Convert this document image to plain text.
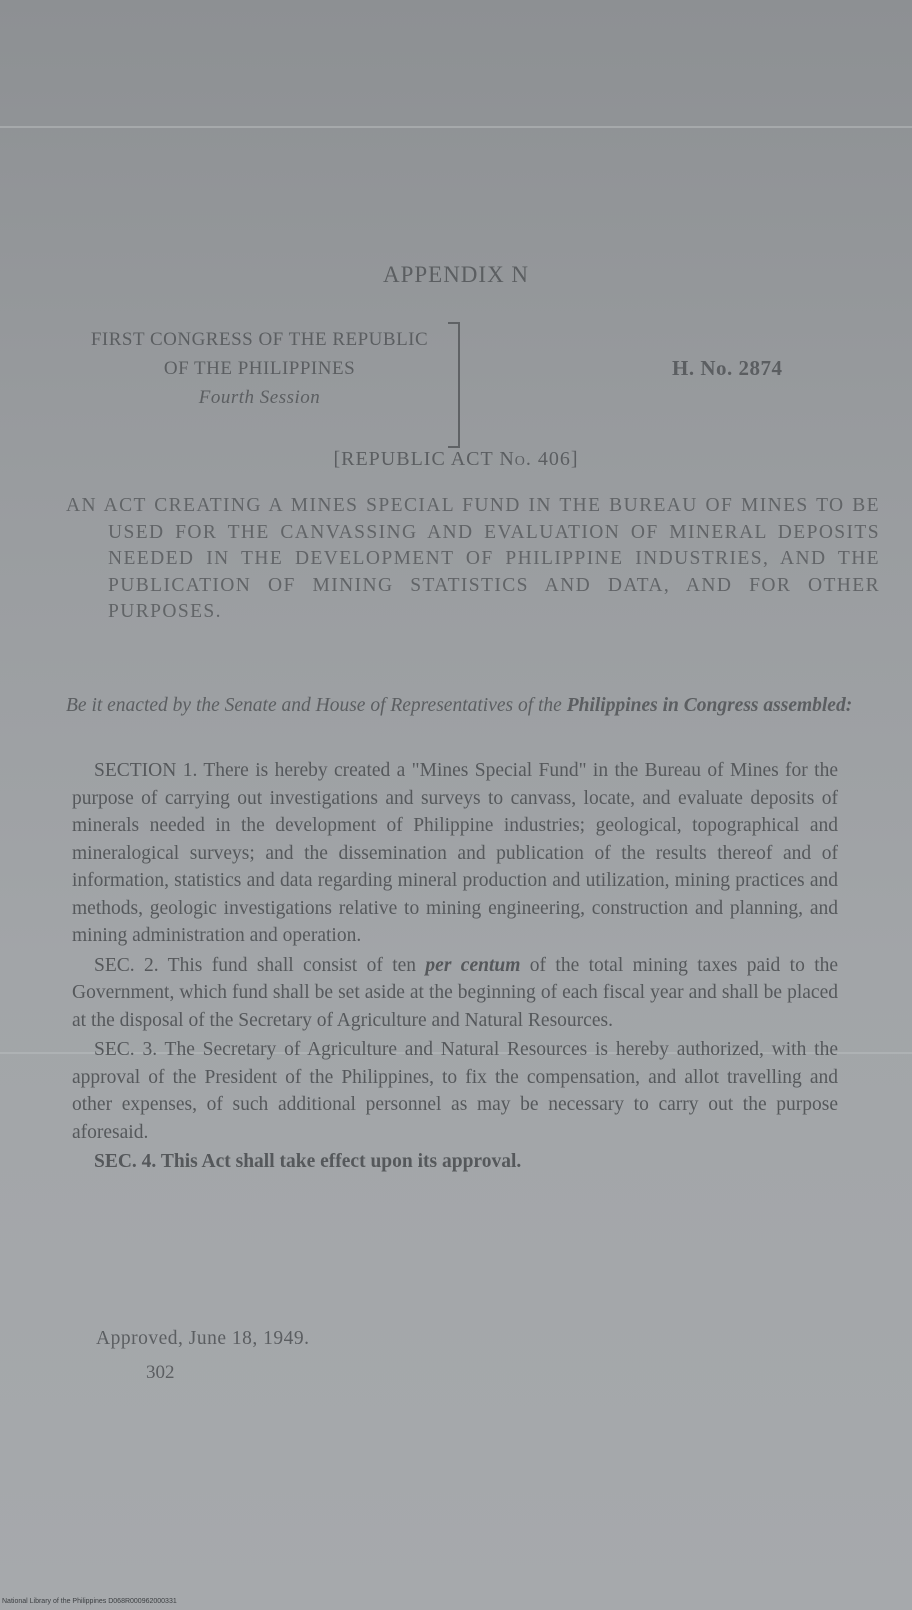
APPENDIX N
FIRST CONGRESS OF THE REPUBLIC
OF THE PHILIPPINES
Fourth Session
H. No. 2874
[REPUBLIC ACT No. 406]
AN ACT CREATING A MINES SPECIAL FUND IN THE BUREAU OF MINES TO BE USED FOR THE CANVASSING AND EVALUATION OF MINERAL DEPOSITS NEEDED IN THE DEVELOPMENT OF PHILIPPINE INDUSTRIES, AND THE PUBLICATION OF MINING STATISTICS AND DATA, AND FOR OTHER PURPOSES.
Be it enacted by the Senate and House of Representatives of the Philippines in Congress assembled:

SECTION 1. There is hereby created a "Mines Special Fund" in the Bureau of Mines for the purpose of carrying out investigations and surveys to canvass, locate, and evaluate deposits of minerals needed in the development of Philippine industries; geological, topographical and mineralogical surveys; and the dissemination and publication of the results thereof and of information, statistics and data regarding mineral production and utilization, mining practices and methods, geologic investigations relative to mining engineering, construction and planning, and mining administration and operation.

SEC. 2. This fund shall consist of ten per centum of the total mining taxes paid to the Government, which fund shall be set aside at the beginning of each fiscal year and shall be placed at the disposal of the Secretary of Agriculture and Natural Resources.

SEC. 3. The Secretary of Agriculture and Natural Resources is hereby authorized, with the approval of the President of the Philippines, to fix the compensation, and allot travelling and other expenses, of such additional personnel as may be necessary to carry out the purpose aforesaid.

SEC. 4. This Act shall take effect upon its approval.

Approved, June 18, 1949.
302
National Library of the Philippines D068R000962000331
